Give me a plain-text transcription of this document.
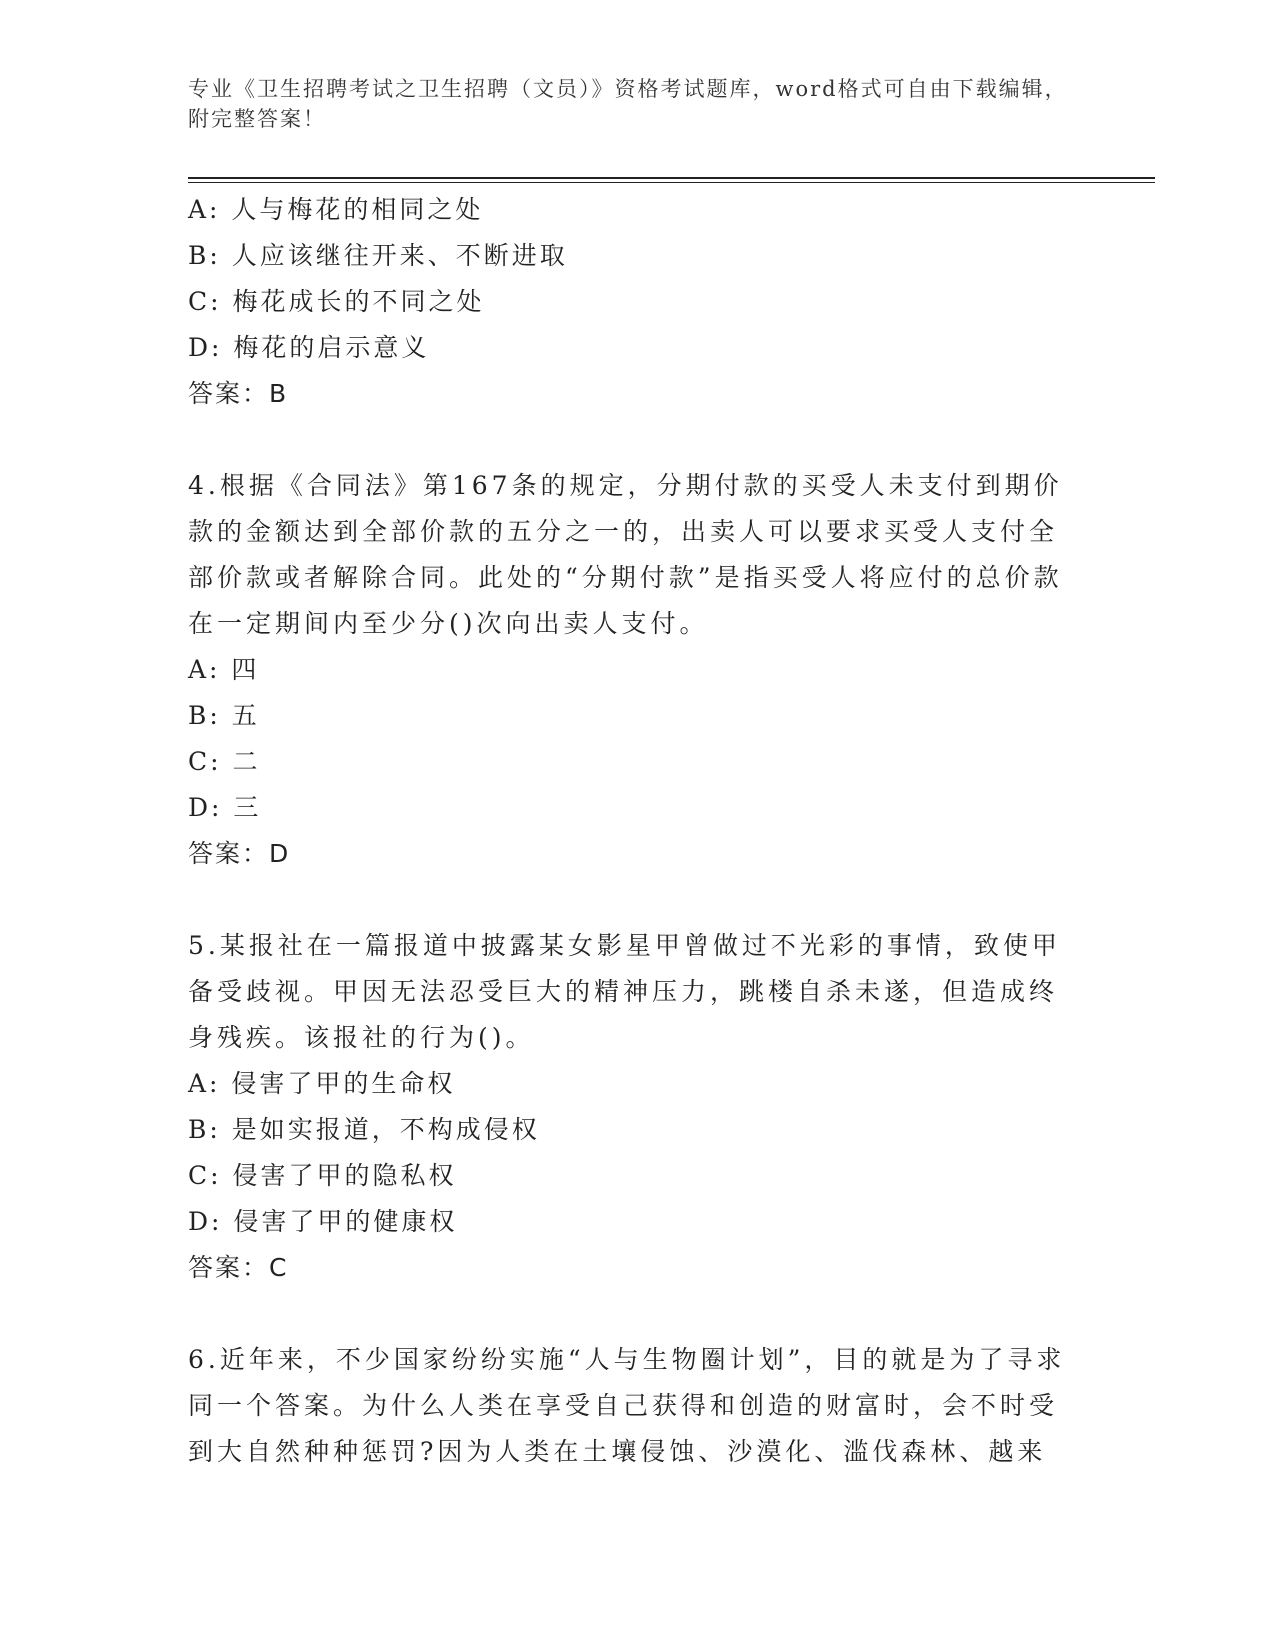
专业《卫生招聘考试之卫生招聘（文员）》资格考试题库，word格式可自由下载编辑，附完整答案！
A: 人与梅花的相同之处
B: 人应该继往开来、不断进取
C: 梅花成长的不同之处
D: 梅花的启示意义
答案：B
4.根据《合同法》第167条的规定，分期付款的买受人未支付到期价款的金额达到全部价款的五分之一的，出卖人可以要求买受人支付全部价款或者解除合同。此处的“分期付款”是指买受人将应付的总价款在一定期间内至少分()次向出卖人支付。
A: 四
B: 五
C: 二
D: 三
答案：D
5.某报社在一篇报道中披露某女影星甲曾做过不光彩的事情，致使甲备受歧视。甲因无法忍受巨大的精神压力，跳楼自杀未遂，但造成终身残疾。该报社的行为()。
A: 侵害了甲的生命权
B: 是如实报道，不构成侵权
C: 侵害了甲的隐私权
D: 侵害了甲的健康权
答案：C
6.近年来，不少国家纷纷实施“人与生物圈计划”，目的就是为了寻求同一个答案。为什么人类在享受自己获得和创造的财富时，会不时受到大自然种种惩罚?因为人类在土壤侵蚀、沙漠化、滥伐森林、越来
